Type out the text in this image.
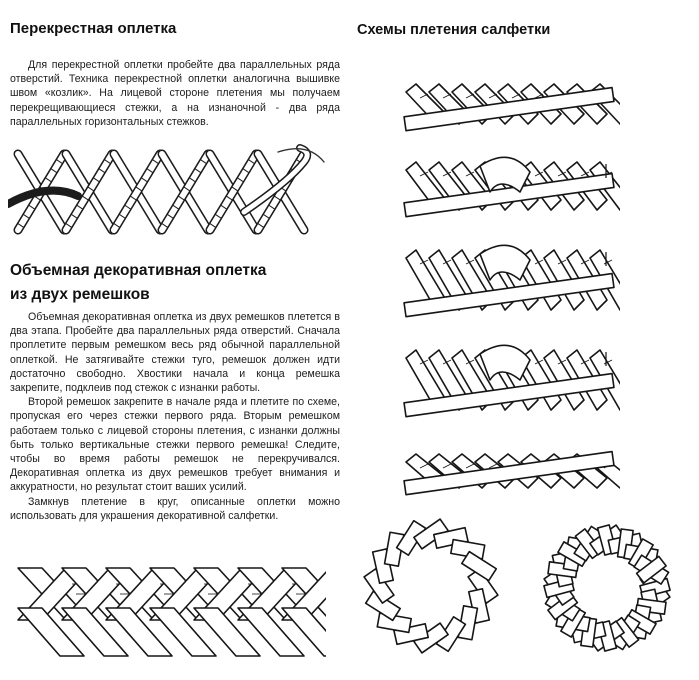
Перекрестная оплетка

Для перекрестной оплетки пробейте два параллельных ряда отверстий. Техника перекрестной оплетки аналогична вышивке швом «козлик». На лицевой стороне плетения мы получаем перекрещивающиеся стежки, а на изнаночной - два ряда параллельных горизонтальных стежков.

Объемная декоративная оплетка
из двух ремешков
Объемная декоративная оплетка из двух ремешков плетется в два этапа. Пробейте два параллельных ряда отверстий. Сначала проплетите первым ремешком весь ряд обычной параллельной оплеткой. Не затягивайте стежки туго, ремешок должен идти достаточно свободно. Хвостики начала и конца ремешка закрепите, подклеив под стежок с изнанки работы.
Второй ремешок закрепите в начале ряда и плетите по схеме, пропуская его через стежки первого ряда. Вторым ремешком работаем только с лицевой стороны плетения, с изнанки должны быть только вертикальные стежки первого ремешка! Следите, чтобы во время работы ремешок не перекручивался. Декоративная оплетка из двух ремешков требует внимания и аккуратности, но результат стоит ваших усилий.
Замкнув плетение в круг, описанные оплетки можно использовать для украшения декоративной салфетки.
Схемы плетения салфетки
